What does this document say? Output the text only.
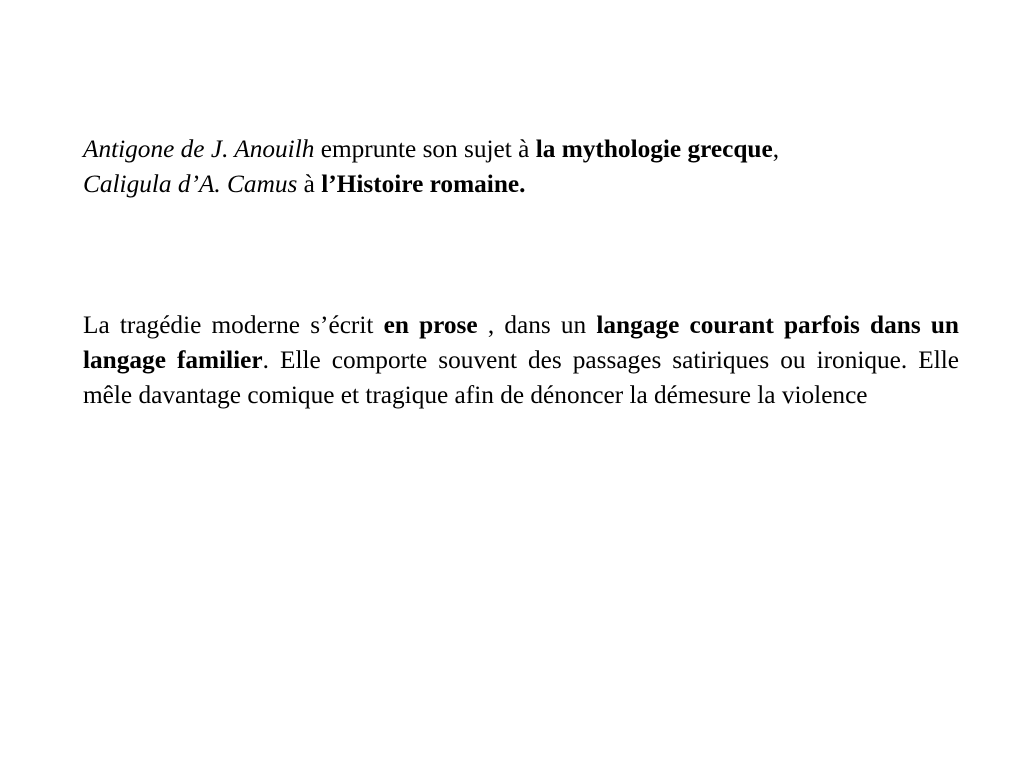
Antigone de J. Anouilh emprunte son sujet à la mythologie grecque,
Caligula d’A. Camus à l’Histoire romaine.

La tragédie moderne s’écrit en prose , dans un langage courant parfois dans un langage familier. Elle comporte souvent des passages satiriques ou ironique. Elle mêle davantage comique et tragique afin de dénoncer la démesure la violence
